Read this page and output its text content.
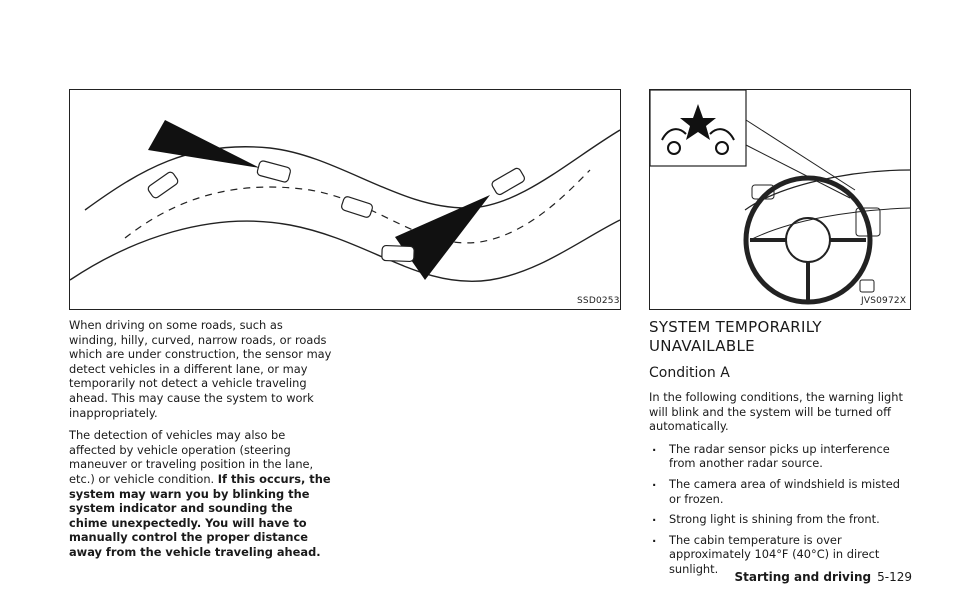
SSD0253	JVS0972X

When driving on some roads, such as winding, hilly, curved, narrow roads, or roads which are under construction, the sensor may detect vehicles in a different lane, or may temporarily not detect a vehicle traveling ahead. This may cause the system to work inappropriately.

The detection of vehicles may also be affected by vehicle operation (steering maneuver or traveling position in the lane, etc.) or vehicle condition. If this occurs, the system may warn you by blinking the system indicator and sounding the chime unexpectedly. You will have to manually control the proper distance away from the vehicle traveling ahead.

SYSTEM TEMPORARILY UNAVAILABLE
Condition A

In the following conditions, the warning light will blink and the system will be turned off automatically.

. The radar sensor picks up interference from another radar source.
. The camera area of windshield is misted or frozen.
. Strong light is shining from the front.
. The cabin temperature is over approximately 104°F (40°C) in direct sunlight.
Starting and driving 5-129
